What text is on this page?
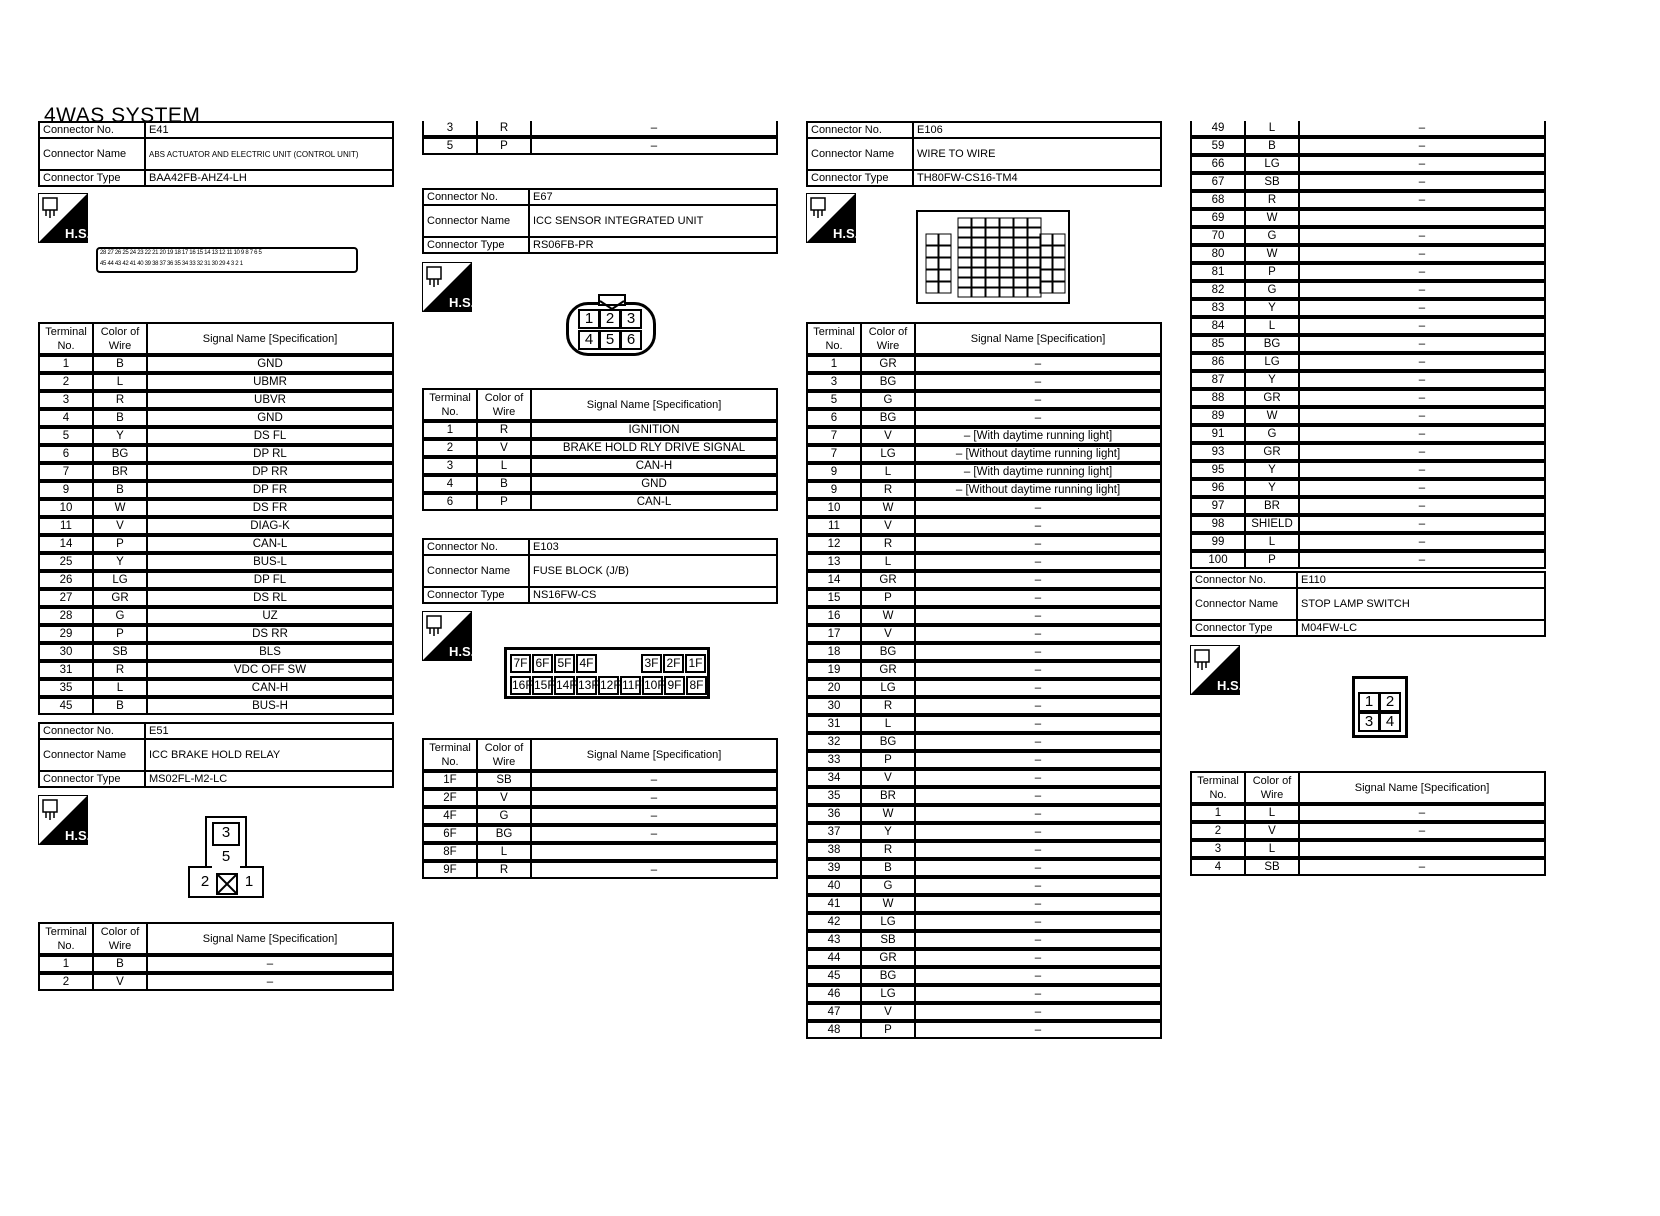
4WAS SYSTEM
Connector No.	E41
Connector Name	ABS ACTUATOR AND ELECTRIC UNIT (CONTROL UNIT)
Connector Type	BAA42FB-AHZ4-LH
H.S.
28 27 26 25 24 23 22 21 20 19 18 17 16 15 14 13 12 11 10 9 8 7 6 5
45 44 43 42 41 40 39 38 37 36 35 34 33 32 31 30 29 4 3 2 1
Terminal No.	Color of Wire	Signal Name [Specification]
1	B	GND
2	L	UBMR
3	R	UBVR
4	B	GND
5	Y	DS FL
6	BG	DP RL
7	BR	DP RR
9	B	DP FR
10	W	DS FR
11	V	DIAG-K
14	P	CAN-L
25	Y	BUS-L
26	LG	DP FL
27	GR	DS RL
28	G	UZ
29	P	DS RR
30	SB	BLS
31	R	VDC OFF SW
35	L	CAN-H
45	B	BUS-H
Connector No.	E51
Connector Name	ICC BRAKE HOLD RELAY
Connector Type	MS02FL-M2-LC
H.S.	3
5
2	1
Terminal No.	Color of Wire	Signal Name [Specification]
1	B	–
2	V	–
3	R	–
5	P	–
Connector No.	E67
Connector Name	ICC SENSOR INTEGRATED UNIT
Connector Type	RS06FB-PR
H.S.
1 2 3
4 5 6
Terminal No.	Color of Wire	Signal Name [Specification]
1	R	IGNITION
2	V	BRAKE HOLD RLY DRIVE SIGNAL
3	L	CAN-H
4	B	GND
6	P	CAN-L
Connector No.	E103
Connector Name	FUSE BLOCK (J/B)
Connector Type	NS16FW-CS
H.S.
7F 6F 5F 4F	3F 2F 1F
16F 15F 14F 13F 12F 11F 10F 9F 8F
Terminal No.	Color of Wire	Signal Name [Specification]
1F	SB	–
2F	V	–
4F	G	–
6F	BG	–
8F	L	
9F	R	–
Connector No.	E106
Connector Name	WIRE TO WIRE
Connector Type	TH80FW-CS16-TM4
H.S.
Terminal No.	Color of Wire	Signal Name [Specification]
1	GR	–
3	BG	–
5	G	–
6	BG	–
7	V	– [With daytime running light]
7	LG	– [Without daytime running light]
9	L	– [With daytime running light]
9	R	– [Without daytime running light]
10	W	–
11	V	–
12	R	–
13	L	–
14	GR	–
15	P	–
16	W	–
17	V	–
18	BG	–
19	GR	–
20	LG	–
30	R	–
31	L	–
32	BG	–
33	P	–
34	V	–
35	BR	–
36	W	–
37	Y	–
38	R	–
39	B	–
40	G	–
41	W	–
42	LG	–
43	SB	–
44	GR	–
45	BG	–
46	LG	–
47	V	–
48	P	–
49	L	–
59	B	–
66	LG	–
67	SB	–
68	R	–
69	W	
70	G	–
80	W	–
81	P	–
82	G	–
83	Y	–
84	L	–
85	BG	–
86	LG	–
87	Y	–
88	GR	–
89	W	–
91	G	–
93	GR	–
95	Y	–
96	Y	–
97	BR	–
98	SHIELD	–
99	L	–
100	P	–
Connector No.	E110
Connector Name	STOP LAMP SWITCH
Connector Type	M04FW-LC
H.S.
1 2
3 4
Terminal No.	Color of Wire	Signal Name [Specification]
1	L	–
2	V	–
3	L	
4	SB	–
